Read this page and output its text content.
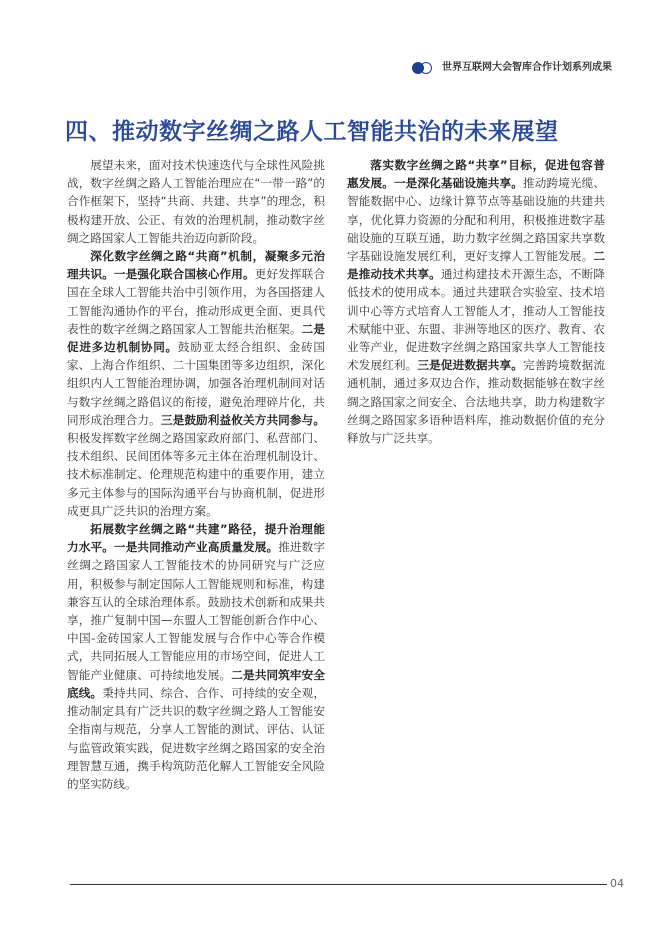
世界互联网大会智库合作计划系列成果
四、推动数字丝绸之路人工智能共治的未来展望

展望未来，面对技术快速迭代与全球性风险挑战，数字丝绸之路人工智能治理应在“一带一路”的合作框架下，坚持“共商、共建、共享”的理念，积极构建开放、公正、有效的治理机制，推动数字丝绸之路国家人工智能共治迈向新阶段。

深化数字丝绸之路“共商”机制，凝聚多元治理共识。一是强化联合国核心作用。更好发挥联合国在全球人工智能共治中引领作用，为各国搭建人工智能沟通协作的平台，推动形成更全面、更具代表性的数字丝绸之路国家人工智能共治框架。二是促进多边机制协同。鼓励亚太经合组织、金砖国家、上海合作组织、二十国集团等多边组织，深化组织内人工智能治理协调，加强各治理机制间对话与数字丝绸之路倡议的衔接，避免治理碎片化，共同形成治理合力。三是鼓励利益攸关方共同参与。积极发挥数字丝绸之路国家政府部门、私营部门、技术组织、民间团体等多元主体在治理机制设计、技术标准制定、伦理规范构建中的重要作用，建立多元主体参与的国际沟通平台与协商机制，促进形成更具广泛共识的治理方案。

拓展数字丝绸之路“共建”路径，提升治理能力水平。一是共同推动产业高质量发展。推进数字丝绸之路国家人工智能技术的协同研究与广泛应用，积极参与制定国际人工智能规则和标准，构建兼容互认的全球治理体系。鼓励技术创新和成果共享，推广复制中国—东盟人工智能创新合作中心、中国-金砖国家人工智能发展与合作中心等合作模式，共同拓展人工智能应用的市场空间，促进人工智能产业健康、可持续地发展。二是共同筑牢安全底线。秉持共同、综合、合作、可持续的安全观，推动制定具有广泛共识的数字丝绸之路人工智能安全指南与规范，分享人工智能的测试、评估、认证与监管政策实践，促进数字丝绸之路国家的安全治理智慧互通，携手构筑防范化解人工智能安全风险的坚实防线。

落实数字丝绸之路“共享”目标，促进包容普惠发展。一是深化基础设施共享。推动跨境光缆、智能数据中心、边缘计算节点等基础设施的共建共享，优化算力资源的分配和利用，积极推进数字基础设施的互联互通，助力数字丝绸之路国家共享数字基础设施发展红利，更好支撑人工智能发展。二是推动技术共享。通过构建技术开源生态，不断降低技术的使用成本。通过共建联合实验室、技术培训中心等方式培育人工智能人才，推动人工智能技术赋能中亚、东盟、非洲等地区的医疗、教育、农业等产业，促进数字丝绸之路国家共享人工智能技术发展红利。三是促进数据共享。完善跨境数据流通机制，通过多双边合作，推动数据能够在数字丝绸之路国家之间安全、合法地共享，助力构建数字丝绸之路国家多语种语料库，推动数据价值的充分释放与广泛共享。

04
